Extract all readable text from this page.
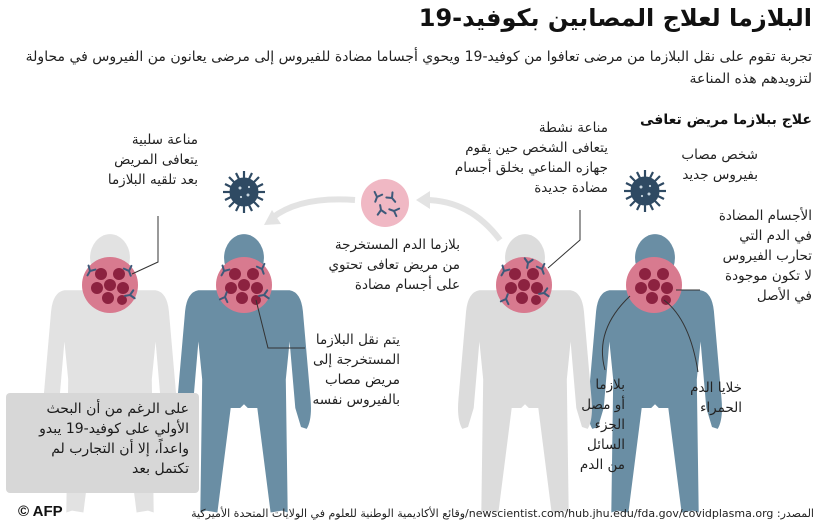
البلازما لعلاج المصابين بكوفيد-19
تجربة تقوم على نقل البلازما من مرضى تعافوا من كوفيد-19 ويحوي أجساما مضادة للفيروس إلى مرضى يعانون من الفيروس في محاولة لتزويدهم هذه المناعة
علاج ببلازما مريض تعافى
شخص مصاب
بفيروس جديد
الأجسام المضادة
في الدم التي
تحارب الفيروس
لا تكون موجودة
في الأصل
مناعة نشطة
يتعافى الشخص حين يقوم
جهازه المناعي بخلق أجسام
مضادة جديدة
بلازما الدم المستخرجة
من مريض تعافى تحتوي
على أجسام مضادة
مناعة سلبية
يتعافى المريض
بعد تلقيه البلازما
يتم نقل البلازما
المستخرجة إلى
مريض مصاب
بالفيروس نفسه
بلازما
أو مصل
الجزء
السائل
من الدم
خلايا الدم
الحمراء
على الرغم من أن البحث
الأولي على كوفيد-19 يبدو
واعداً، إلا أن التجارب لم
تكتمل بعد
المصدر: newscientist.com/hub.jhu.edu/fda.gov/covidplasma.org/وقائع الأكاديمية الوطنية للعلوم في الولايات المتحدة الأميركية
© AFP
